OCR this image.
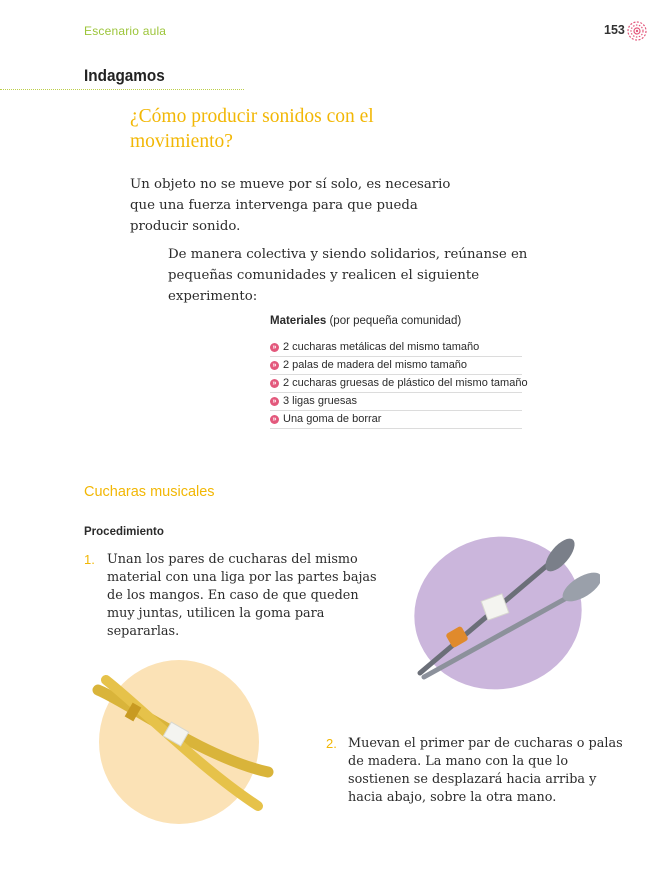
Escenario aula	153
Indagamos
¿Cómo producir sonidos con el movimiento?
Un objeto no se mueve por sí solo, es necesario que una fuerza intervenga para que pueda producir sonido.
De manera colectiva y siendo solidarios, reúnanse en pequeñas comunidades y realicen el siguiente experimento:
Materiales (por pequeña comunidad)
» 2 cucharas metálicas del mismo tamaño
» 2 palas de madera del mismo tamaño
» 2 cucharas gruesas de plástico del mismo tamaño
» 3 ligas gruesas
» Una goma de borrar
Cucharas musicales
Procedimiento
1. Unan los pares de cucharas del mismo material con una liga por las partes bajas de los mangos. En caso de que queden muy juntas, utilicen la goma para separarlas.
2. Muevan el primer par de cucharas o palas de madera. La mano con la que lo sostienen se desplazará hacia arriba y hacia abajo, sobre la otra mano.
